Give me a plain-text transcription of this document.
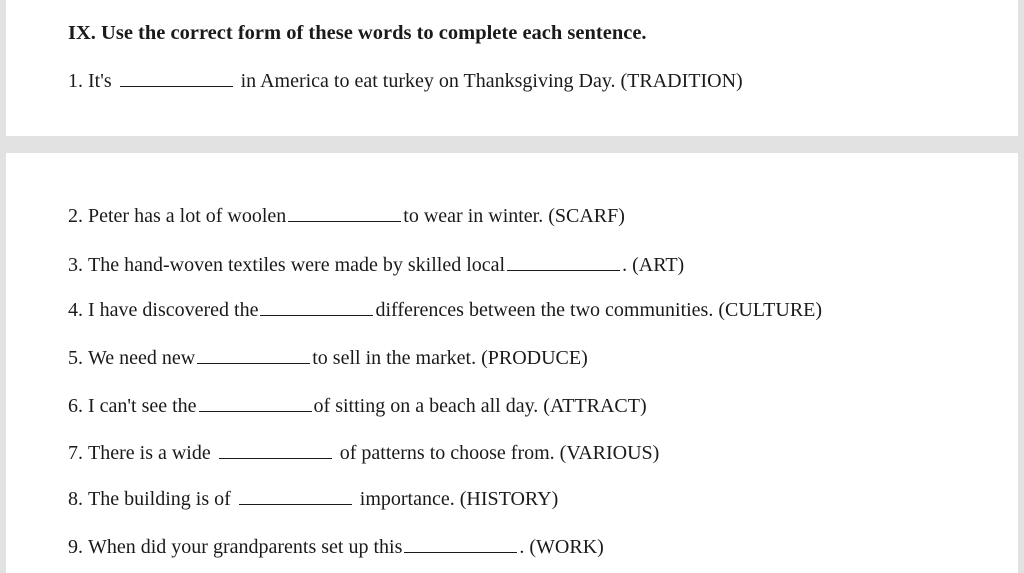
IX. Use the correct form of these words to complete each sentence.
1. It's	in America to eat turkey on Thanksgiving Day. (TRADITION)
2. Peter has a lot of woolen	to wear in winter. (SCARF)
3. The hand-woven textiles were made by skilled local	. (ART)
4. I have discovered the	differences between the two communities. (CULTURE)
5. We need new	to sell in the market. (PRODUCE)
6. I can't see the	of sitting on a beach all day. (ATTRACT)
7. There is a wide	of patterns to choose from. (VARIOUS)
8. The building is of	importance. (HISTORY)
9. When did your grandparents set up this	. (WORK)
